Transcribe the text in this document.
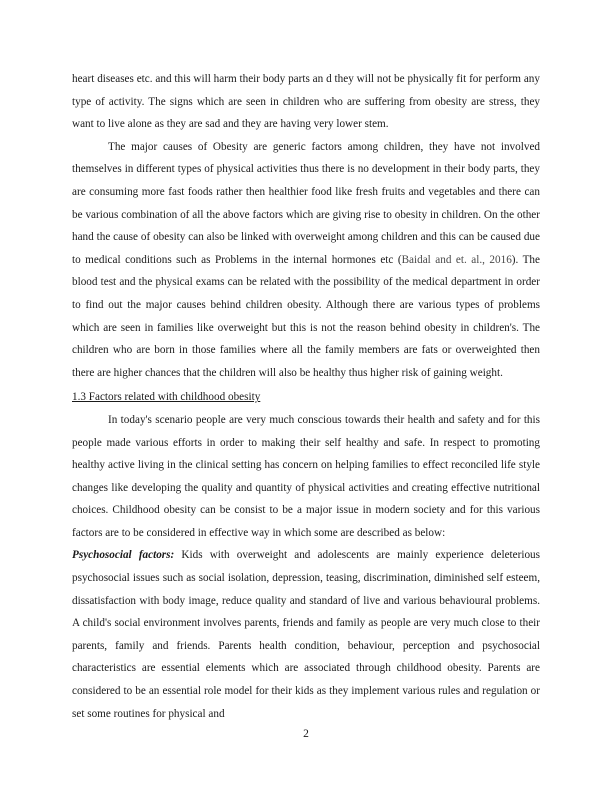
heart diseases etc. and this will harm their body parts an d they will not be physically fit for perform any type of activity. The signs which are seen in children who are suffering from obesity are stress, they want to live alone as they are sad and they are having very lower stem.

The major causes of Obesity are generic factors among children, they have not involved themselves in different types of physical activities thus there is no development in their body parts, they are consuming more fast foods rather then healthier food like fresh fruits and vegetables and there can be various combination of all the above factors which are giving rise to obesity in children. On the other hand the cause of obesity can also be linked with overweight among children and this can be caused due to medical conditions such as Problems in the internal hormones etc (Baidal and et. al., 2016). The blood test and the physical exams can be related with the possibility of the medical department in order to find out the major causes behind children obesity. Although there are various types of problems which are seen in families like overweight but this is not the reason behind obesity in children's. The children who are born in those families where all the family members are fats or overweighted then there are higher chances that the children will also be healthy thus higher risk of gaining weight.

1.3 Factors related with childhood obesity

In today's scenario people are very much conscious towards their health and safety and for this people made various efforts in order to making their self healthy and safe. In respect to promoting healthy active living in the clinical setting has concern on helping families to effect reconciled life style changes like developing the quality and quantity of physical activities and creating effective nutritional choices. Childhood obesity can be consist to be a major issue in modern society and for this various factors are to be considered in effective way in which some are described as below:

Psychosocial factors: Kids with overweight and adolescents are mainly experience deleterious psychosocial issues such as social isolation, depression, teasing, discrimination, diminished self esteem, dissatisfaction with body image, reduce quality and standard of live and various behavioural problems. A child's social environment involves parents, friends and family as people are very much close to their parents, family and friends. Parents health condition, behaviour, perception and psychosocial characteristics are essential elements which are associated through childhood obesity. Parents are considered to be an essential role model for their kids as they implement various rules and regulation or set some routines for physical and

2
